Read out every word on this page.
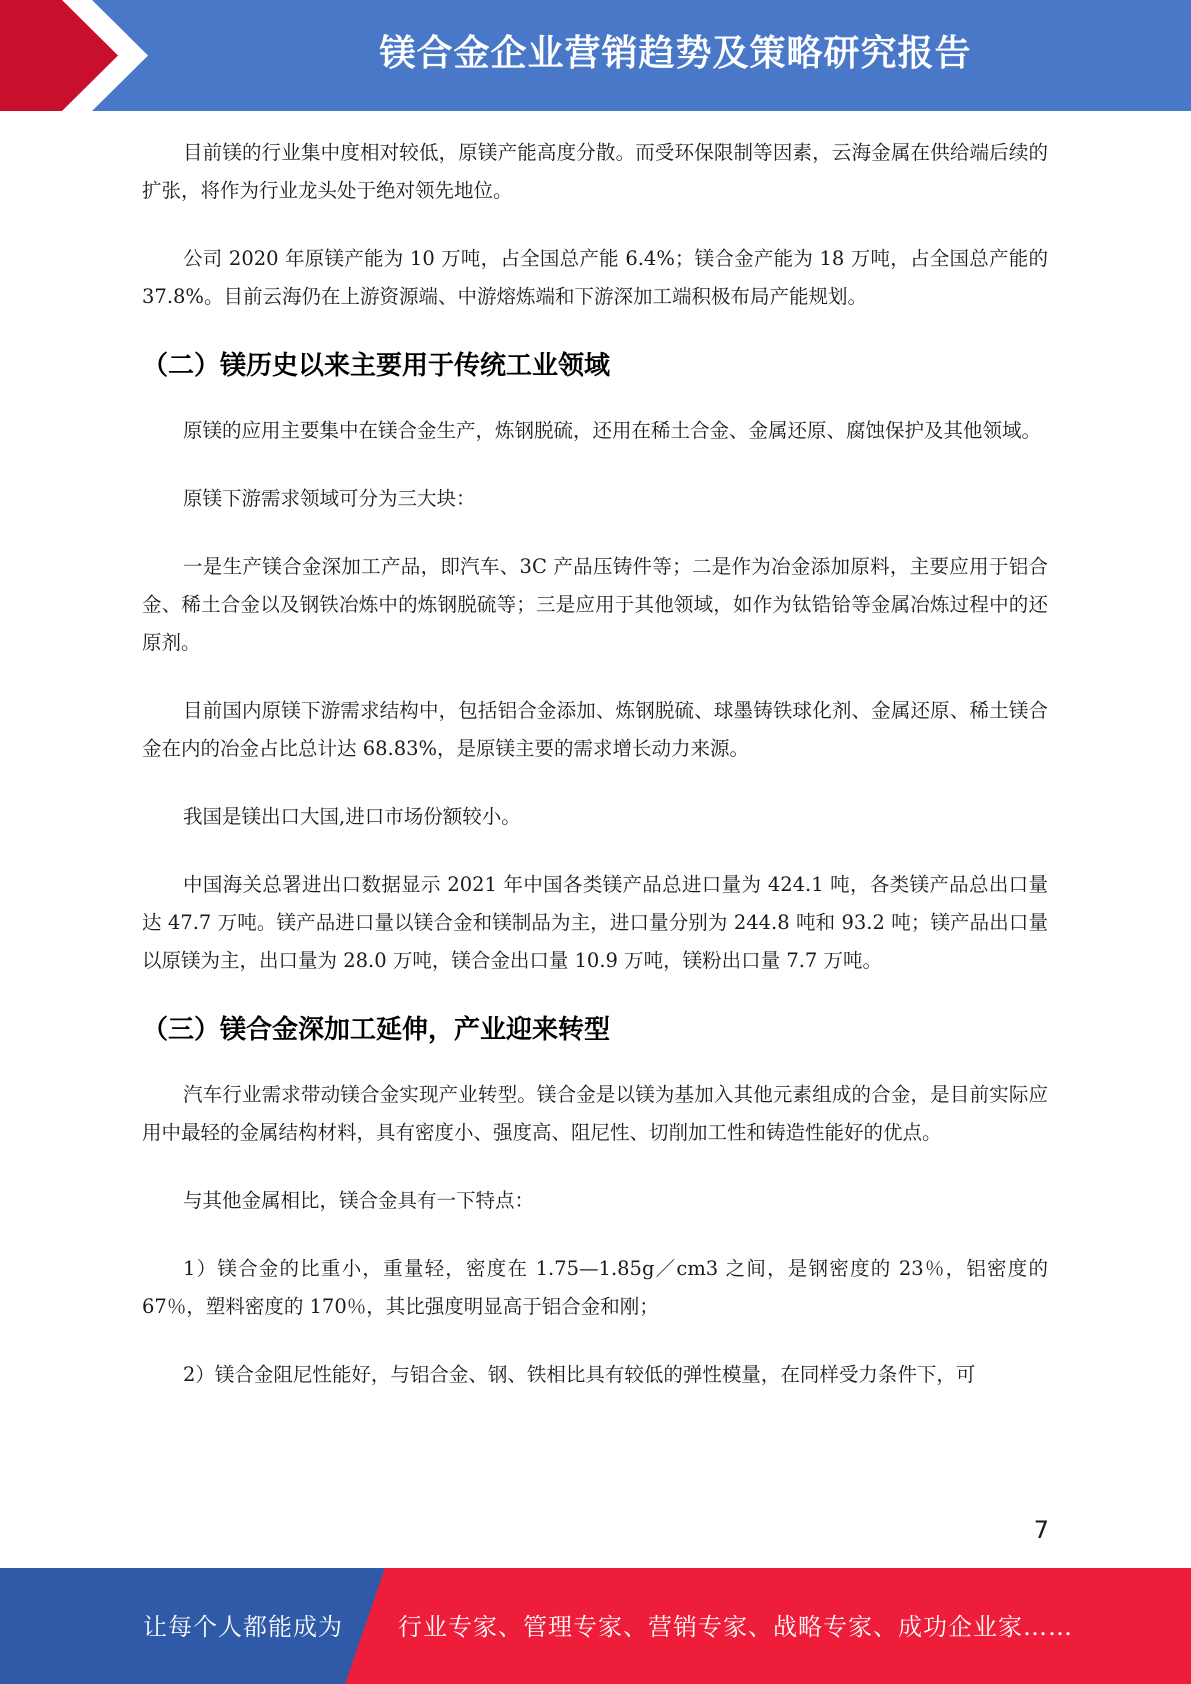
镁合金企业营销趋势及策略研究报告

目前镁的行业集中度相对较低，原镁产能高度分散。而受环保限制等因素，云海金属在供给端后续的扩张，将作为行业龙头处于绝对领先地位。

公司 2020 年原镁产能为 10 万吨，占全国总产能 6.4%；镁合金产能为 18 万吨，占全国总产能的 37.8%。目前云海仍在上游资源端、中游熔炼端和下游深加工端积极布局产能规划。

（二）镁历史以来主要用于传统工业领域

原镁的应用主要集中在镁合金生产，炼钢脱硫，还用在稀土合金、金属还原、腐蚀保护及其他领域。

原镁下游需求领域可分为三大块：

一是生产镁合金深加工产品，即汽车、3C 产品压铸件等；二是作为冶金添加原料，主要应用于铝合金、稀土合金以及钢铁冶炼中的炼钢脱硫等；三是应用于其他领域，如作为钛锆铪等金属冶炼过程中的还原剂。

目前国内原镁下游需求结构中，包括铝合金添加、炼钢脱硫、球墨铸铁球化剂、金属还原、稀土镁合金在内的冶金占比总计达 68.83%，是原镁主要的需求增长动力来源。

我国是镁出口大国,进口市场份额较小。

中国海关总署进出口数据显示 2021 年中国各类镁产品总进口量为 424.1 吨，各类镁产品总出口量达 47.7 万吨。镁产品进口量以镁合金和镁制品为主，进口量分别为 244.8 吨和 93.2 吨；镁产品出口量以原镁为主，出口量为 28.0 万吨，镁合金出口量 10.9 万吨，镁粉出口量 7.7 万吨。

（三）镁合金深加工延伸，产业迎来转型

汽车行业需求带动镁合金实现产业转型。镁合金是以镁为基加入其他元素组成的合金，是目前实际应用中最轻的金属结构材料，具有密度小、强度高、阻尼性、切削加工性和铸造性能好的优点。

与其他金属相比，镁合金具有一下特点：

1）镁合金的比重小，重量轻，密度在 1.75—1.85g／cm3 之间，是钢密度的 23％，铝密度的 67％，塑料密度的 170％，其比强度明显高于铝合金和刚；

2）镁合金阻尼性能好，与铝合金、钢、铁相比具有较低的弹性模量，在同样受力条件下，可

7
让每个人都能成为 行业专家、管理专家、营销专家、战略专家、成功企业家……
